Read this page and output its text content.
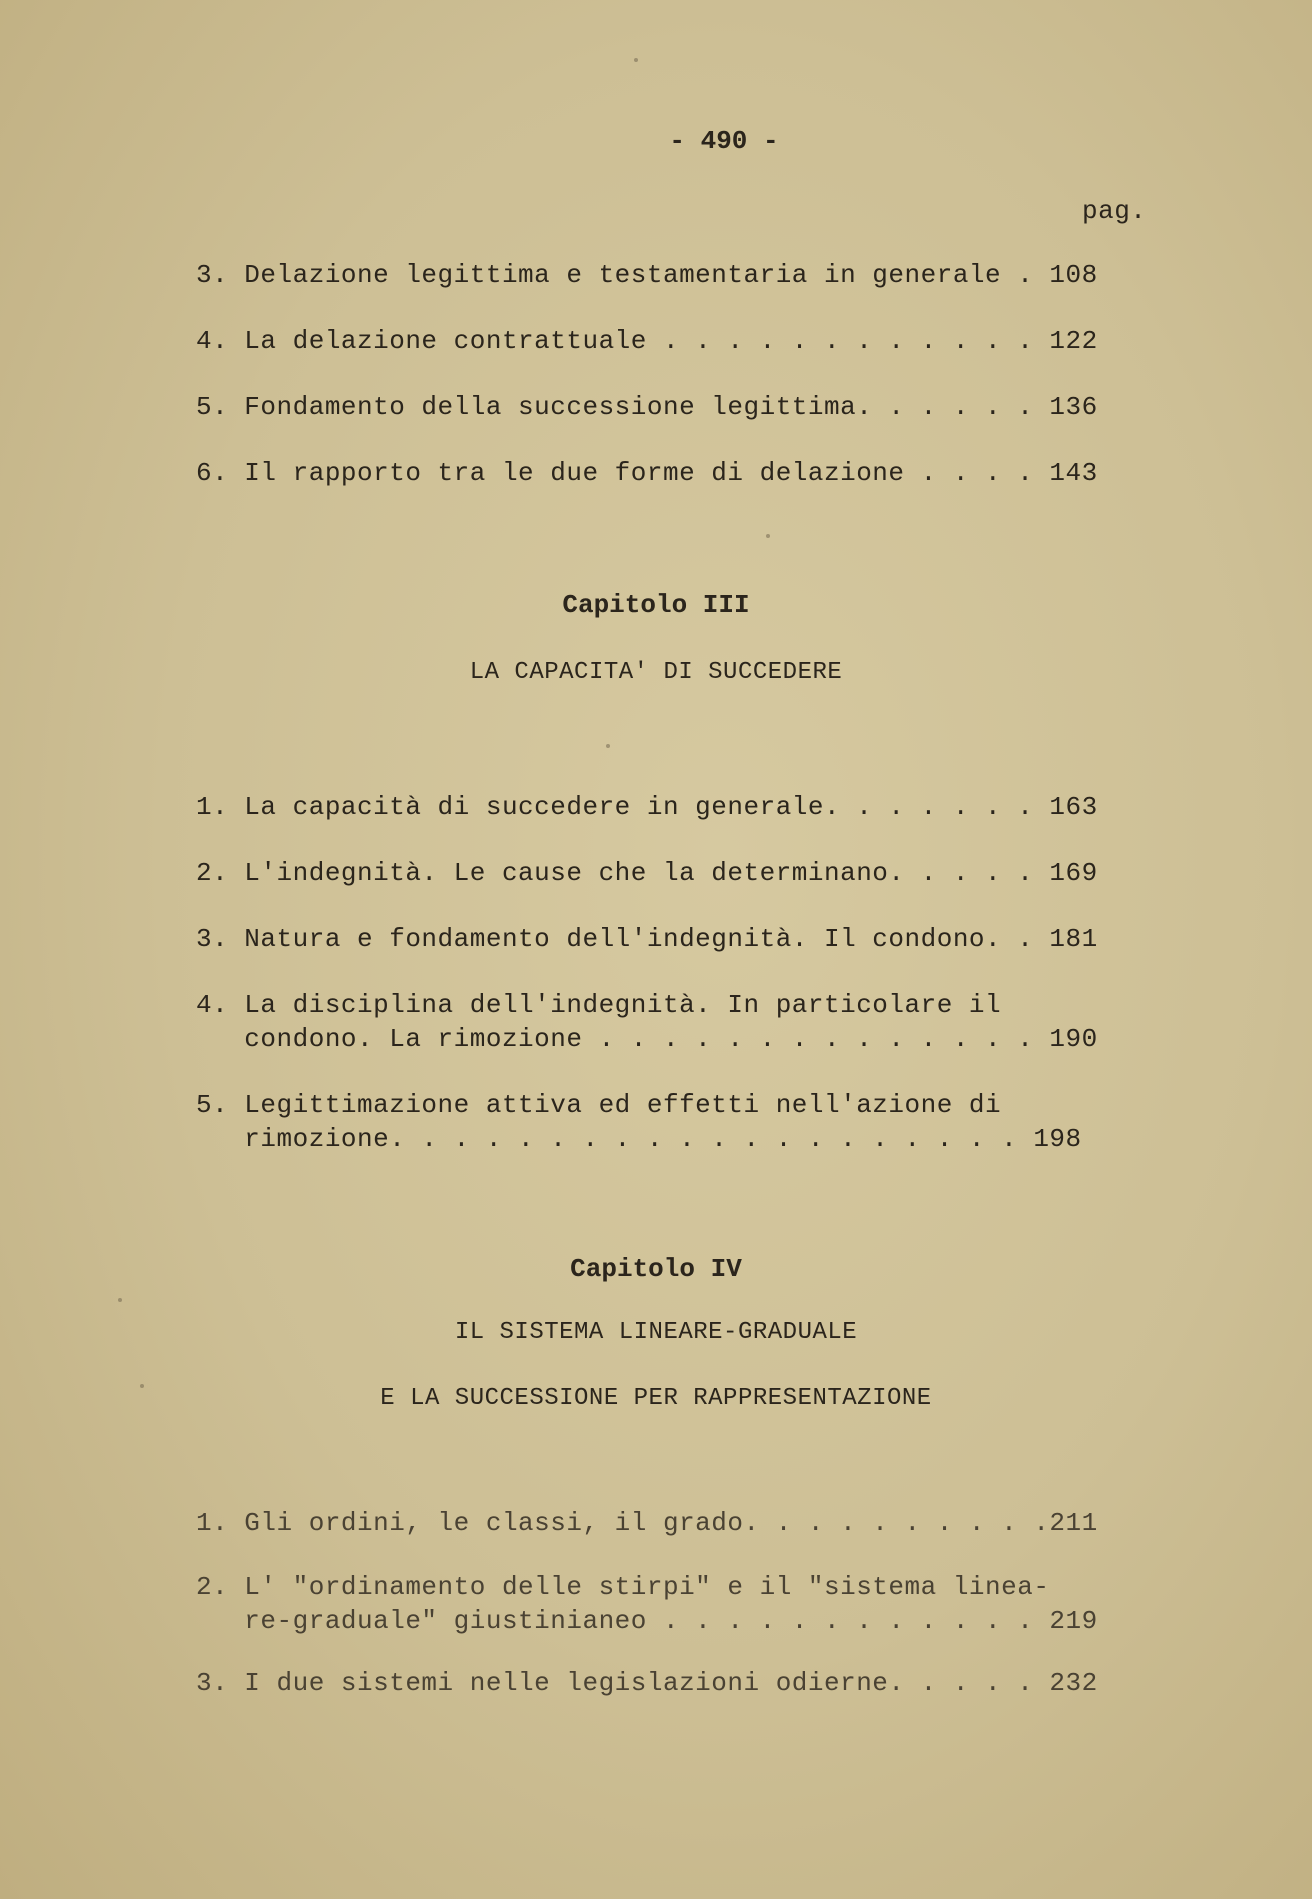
- 490 -
pag.
3. Delazione legittima e testamentaria in generale . 108
4. La delazione contrattuale . . . . . . . . . . . . 122
5. Fondamento della successione legittima. . . . . . 136
6. Il rapporto tra le due forme di delazione . . . . 143
Capitolo III
LA CAPACITA' DI SUCCEDERE
1. La capacità di succedere in generale. . . . . . . 163
2. L'indegnità. Le cause che la determinano. . . . . 169
3. Natura e fondamento dell'indegnità. Il condono. . 181
4. La disciplina dell'indegnità. In particolare il
condono. La rimozione . . . . . . . . . . . . . . 190
5. Legittimazione attiva ed effetti nell'azione di
rimozione. . . . . . . . . . . . . . . . . . . . 198
Capitolo IV
IL SISTEMA LINEARE-GRADUALE
E LA SUCCESSIONE PER RAPPRESENTAZIONE
1. Gli ordini, le classi, il grado. . . . . . . . . .211
2. L' "ordinamento delle stirpi" e il "sistema linea-
re-graduale" giustinianeo . . . . . . . . . . . . 219
3. I due sistemi nelle legislazioni odierne. . . . . 232
